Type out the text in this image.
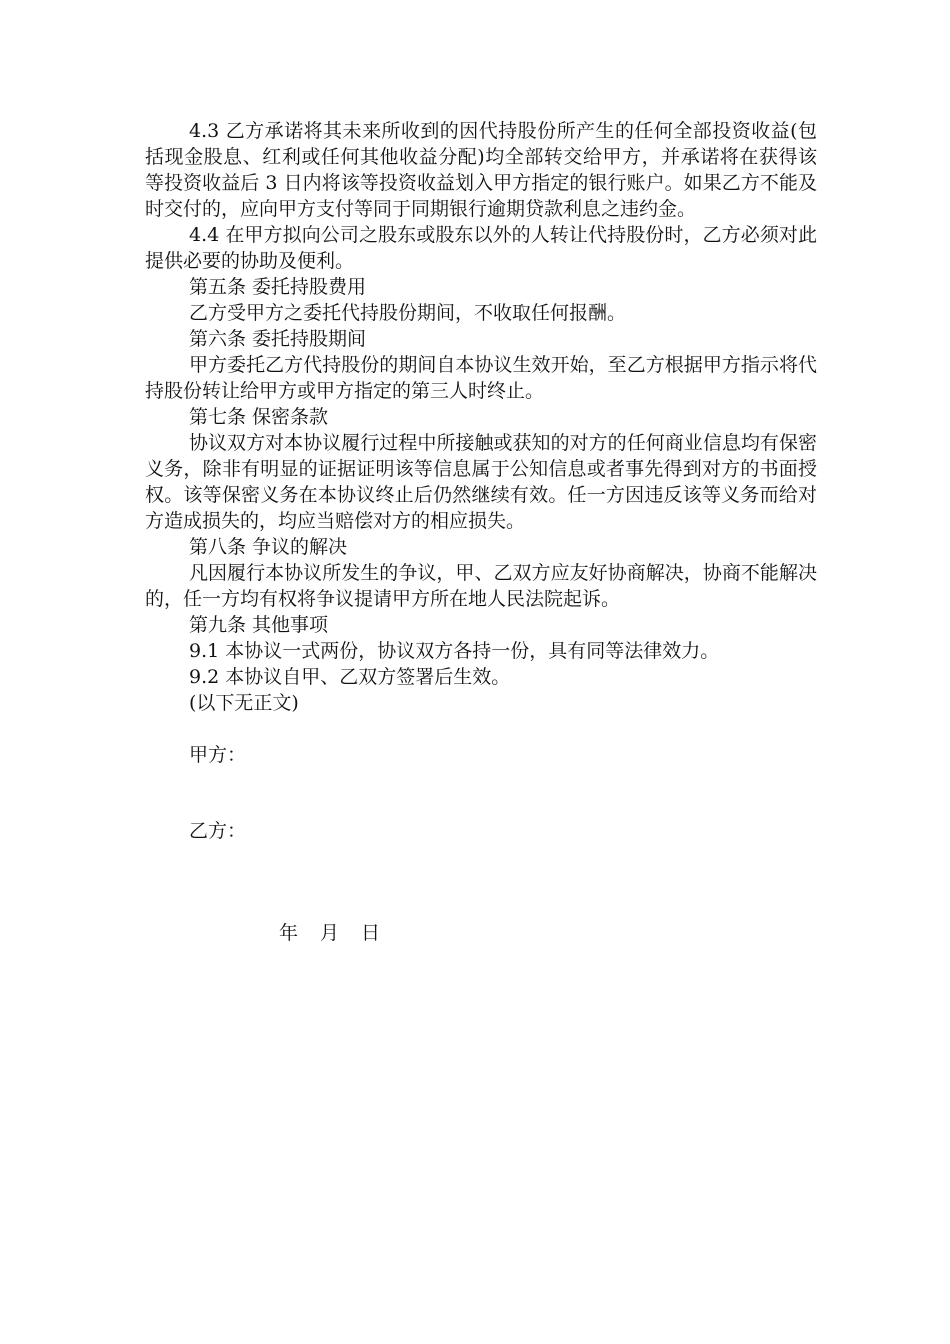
4.3 乙方承诺将其未来所收到的因代持股份所产生的任何全部投资收益(包括现金股息、红利或任何其他收益分配)均全部转交给甲方，并承诺将在获得该等投资收益后 3 日内将该等投资收益划入甲方指定的银行账户。如果乙方不能及时交付的，应向甲方支付等同于同期银行逾期贷款利息之违约金。

4.4 在甲方拟向公司之股东或股东以外的人转让代持股份时，乙方必须对此提供必要的协助及便利。

第五条 委托持股费用

乙方受甲方之委托代持股份期间，不收取任何报酬。

第六条 委托持股期间

甲方委托乙方代持股份的期间自本协议生效开始，至乙方根据甲方指示将代持股份转让给甲方或甲方指定的第三人时终止。

第七条 保密条款

协议双方对本协议履行过程中所接触或获知的对方的任何商业信息均有保密义务，除非有明显的证据证明该等信息属于公知信息或者事先得到对方的书面授权。该等保密义务在本协议终止后仍然继续有效。任一方因违反该等义务而给对方造成损失的，均应当赔偿对方的相应损失。

第八条 争议的解决

凡因履行本协议所发生的争议，甲、乙双方应友好协商解决，协商不能解决的，任一方均有权将争议提请甲方所在地人民法院起诉。

第九条 其他事项

9.1 本协议一式两份，协议双方各持一份，具有同等法律效力。

9.2 本协议自甲、乙双方签署后生效。

(以下无正文)

甲方：

乙方：

年 月 日
